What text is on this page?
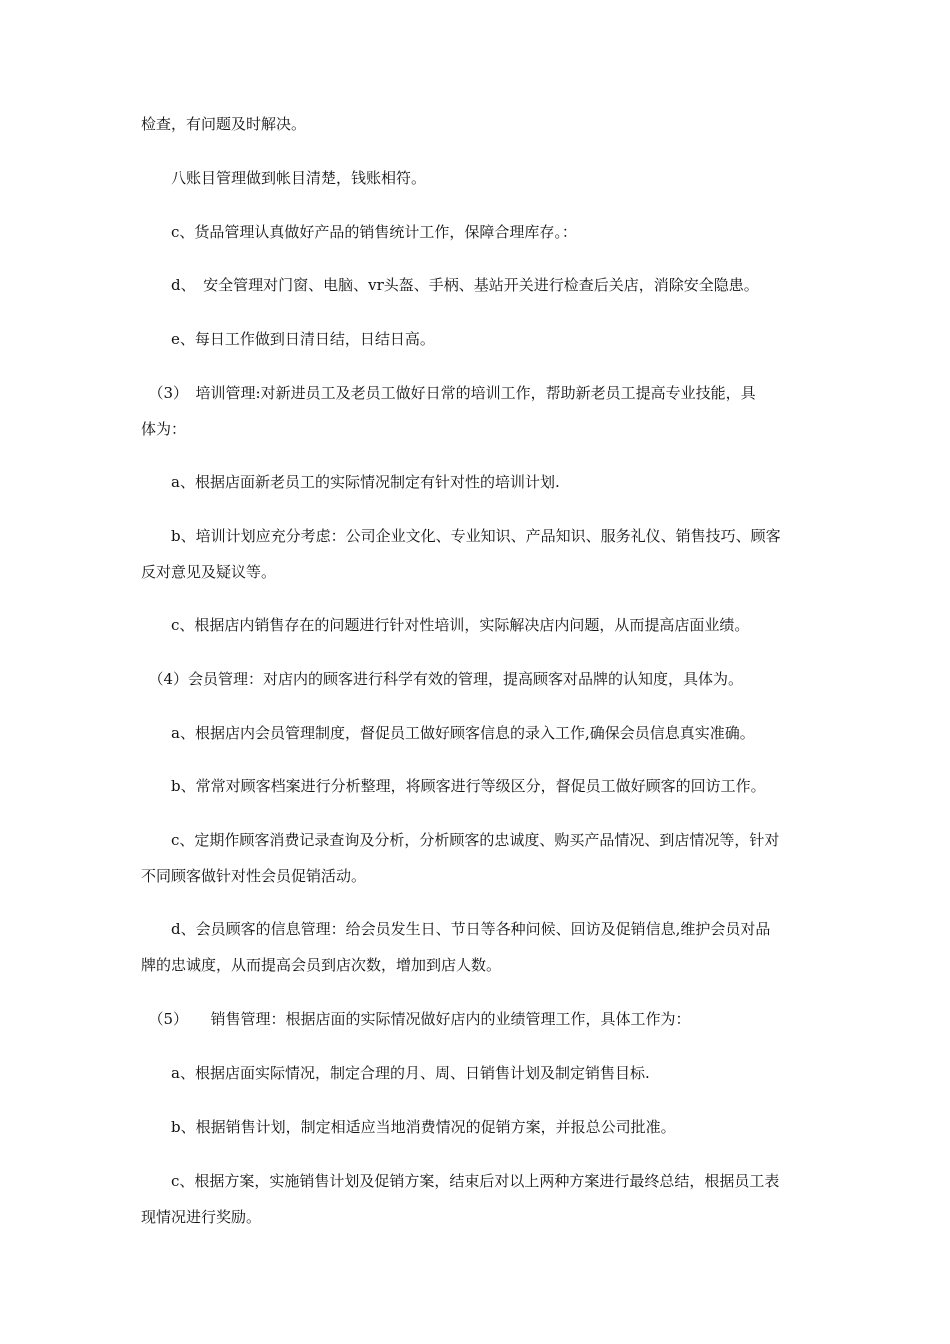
检查，有问题及时解决。

　　八账目管理做到帐目清楚，钱账相符。

　　c、货品管理认真做好产品的销售统计工作，保障合理库存。：

　　d、　安全管理对门窗、电脑、vr头盔、手柄、基站开关进行检查后关店，消除安全隐患。

　　e、每日工作做到日清日结，日结日高。

　（3）　培训管理:对新进员工及老员工做好日常的培训工作，帮助新老员工提高专业技能，具
体为：

　　a、根据店面新老员工的实际情况制定有针对性的培训计划.

　　b、培训计划应充分考虑：公司企业文化、专业知识、产品知识、服务礼仪、销售技巧、顾客
反对意见及疑议等。

　　c、根据店内销售存在的问题进行针对性培训，实际解决店内问题，从而提高店面业绩。

　（4）会员管理：对店内的顾客进行科学有效的管理，提高顾客对品牌的认知度，具体为。

　　a、根据店内会员管理制度，督促员工做好顾客信息的录入工作,确保会员信息真实准确。

　　b、常常对顾客档案进行分析整理，将顾客进行等级区分，督促员工做好顾客的回访工作。

　　c、定期作顾客消费记录查询及分析，分析顾客的忠诚度、购买产品情况、到店情况等，针对
不同顾客做针对性会员促销活动。

　　d、会员顾客的信息管理：给会员发生日、节日等各种问候、回访及促销信息,维护会员对品
牌的忠诚度，从而提高会员到店次数，增加到店人数。

　（5）　　销售管理：根据店面的实际情况做好店内的业绩管理工作，具体工作为：

　　a、根据店面实际情况，制定合理的月、周、日销售计划及制定销售目标.

　　b、根据销售计划，制定相适应当地消费情况的促销方案，并报总公司批准。

　　c、根据方案，实施销售计划及促销方案，结束后对以上两种方案进行最终总结，根据员工表
现情况进行奖励。
